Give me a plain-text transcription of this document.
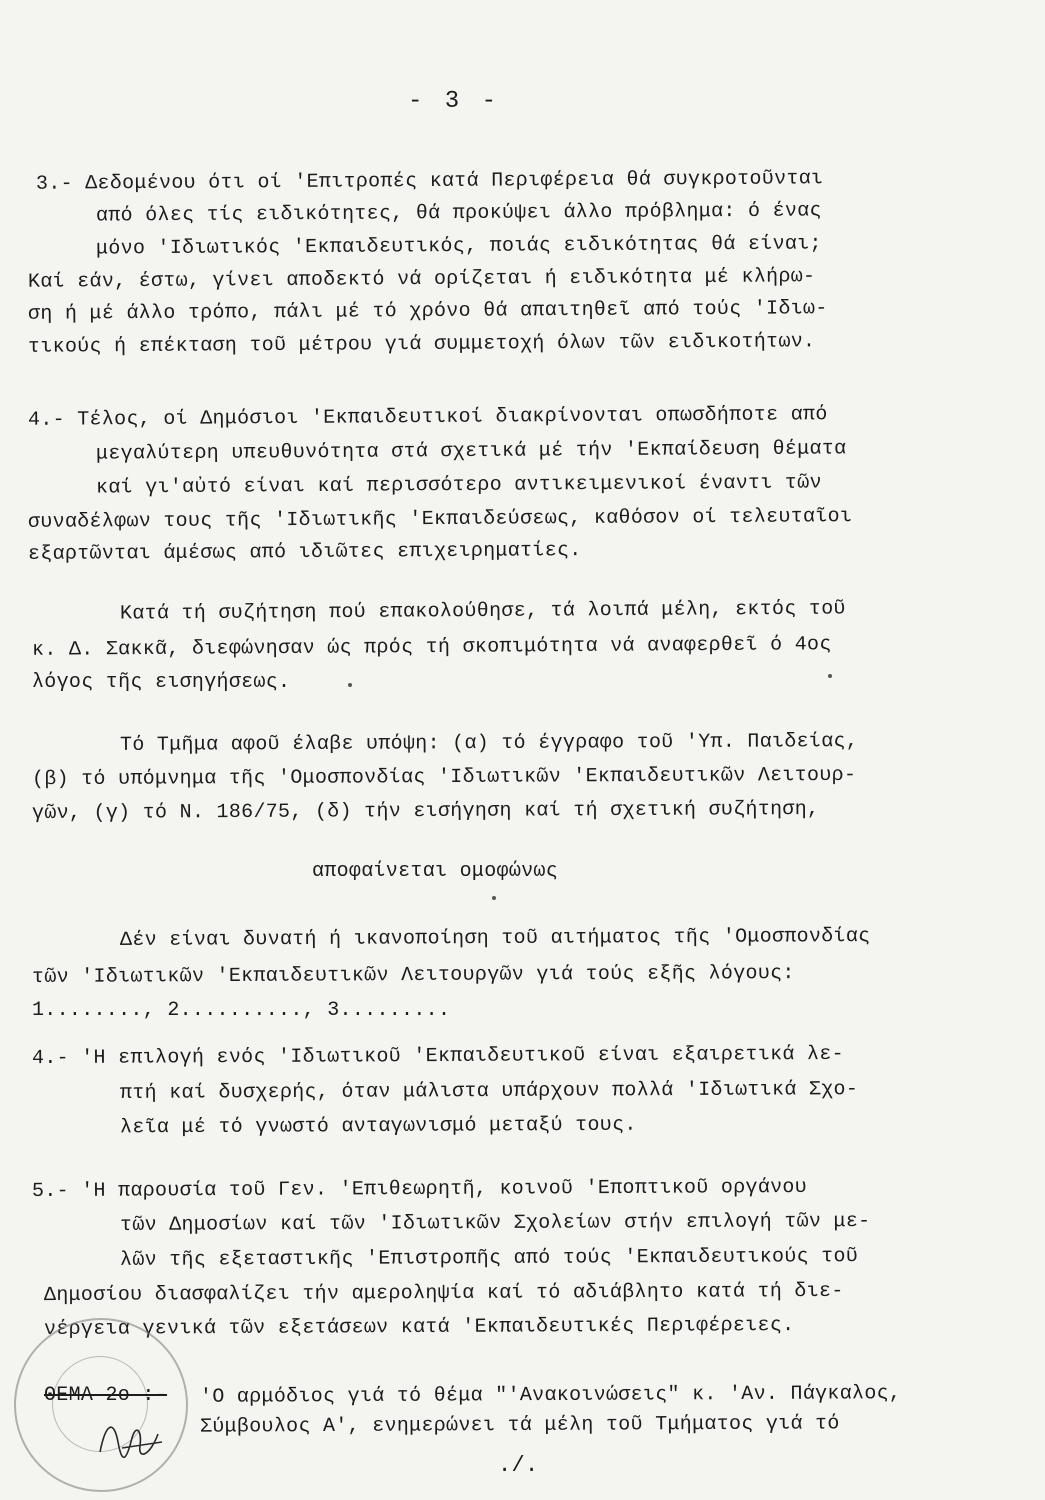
- 3 -
3.- Δεδομένου ότι οί 'Επιτροπές κατά Περιφέρεια θά συγκροτοῦνται
από όλες τίς ειδικότητες, θά προκύψει άλλο πρόβλημα: ό ένας
μόνο 'Ιδιωτικός 'Εκπαιδευτικός, ποιάς ειδικότητας θά είναι;
Καί εάν, έστω, γίνει αποδεκτό νά ορίζεται ή ειδικότητα μέ κλήρω-
ση ή μέ άλλο τρόπο, πάλι μέ τό χρόνο θά απαιτηθεῖ από τούς 'Ιδιω-
τικούς ή επέκταση τοῦ μέτρου γιά συμμετοχή όλων τῶν ειδικοτήτων.
4.- Τέλος, οί Δημόσιοι 'Εκπαιδευτικοί διακρίνονται οπωσδήποτε από
μεγαλύτερη υπευθυνότητα στά σχετικά μέ τήν 'Εκπαίδευση θέματα
καί γι'αὐτό είναι καί περισσότερο αντικειμενικοί έναντι τῶν
συναδέλφων τους τῆς 'Ιδιωτικῆς 'Εκπαιδεύσεως, καθόσον οί τελευταῖοι
εξαρτῶνται άμέσως από ιδιῶτες επιχειρηματίες.
Κατά τή συζήτηση πού επακολούθησε, τά λοιπά μέλη, εκτός τοῦ
κ. Δ. Σακκᾶ, διεφώνησαν ώς πρός τή σκοπιμότητα νά αναφερθεῖ ό 4ος
λόγος τῆς εισηγήσεως.
Τό Τμῆμα αφοῦ έλαβε υπόψη: (α) τό έγγραφο τοῦ 'Υπ. Παιδείας,
(β) τό υπόμνημα τῆς 'Ομοσπονδίας 'Ιδιωτικῶν 'Εκπαιδευτικῶν Λειτουρ-
γῶν, (γ) τό Ν. 186/75, (δ) τήν εισήγηση καί τή σχετική συζήτηση,
αποφαίνεται ομοφώνως
Δέν είναι δυνατή ή ικανοποίηση τοῦ αιτήματος τῆς 'Ομοσπονδίας
τῶν 'Ιδιωτικῶν 'Εκπαιδευτικῶν Λειτουργῶν γιά τούς εξῆς λόγους:
1........, 2.........., 3.........
4.- 'Η επιλογή ενός 'Ιδιωτικοῦ 'Εκπαιδευτικοῦ είναι εξαιρετικά λε-
πτή καί δυσχερής, όταν μάλιστα υπάρχουν πολλά 'Ιδιωτικά Σχο-
λεῖα μέ τό γνωστό ανταγωνισμό μεταξύ τους.
5.- 'Η παρουσία τοῦ Γεν. 'Επιθεωρητῆ, κοινοῦ 'Εποπτικοῦ οργάνου
τῶν Δημοσίων καί τῶν 'Ιδιωτικῶν Σχολείων στήν επιλογή τῶν με-
λῶν τῆς εξεταστικῆς 'Επιστροπῆς από τούς 'Εκπαιδευτικούς τοῦ
Δημοσίου διασφαλίζει τήν αμεροληψία καί τό αδιάβλητο κατά τή διε-
νέργεια γενικά τῶν εξετάσεων κατά 'Εκπαιδευτικές Περιφέρειες.
ΘΕΜΑ 2ο :- 'Ο αρμόδιος γιά τό θέμα "'Ανακοινώσεις" κ. 'Αν. Πάγκαλος,
Σύμβουλος Α', ενημερώνει τά μέλη τοῦ Τμήματος γιά τό
./.
